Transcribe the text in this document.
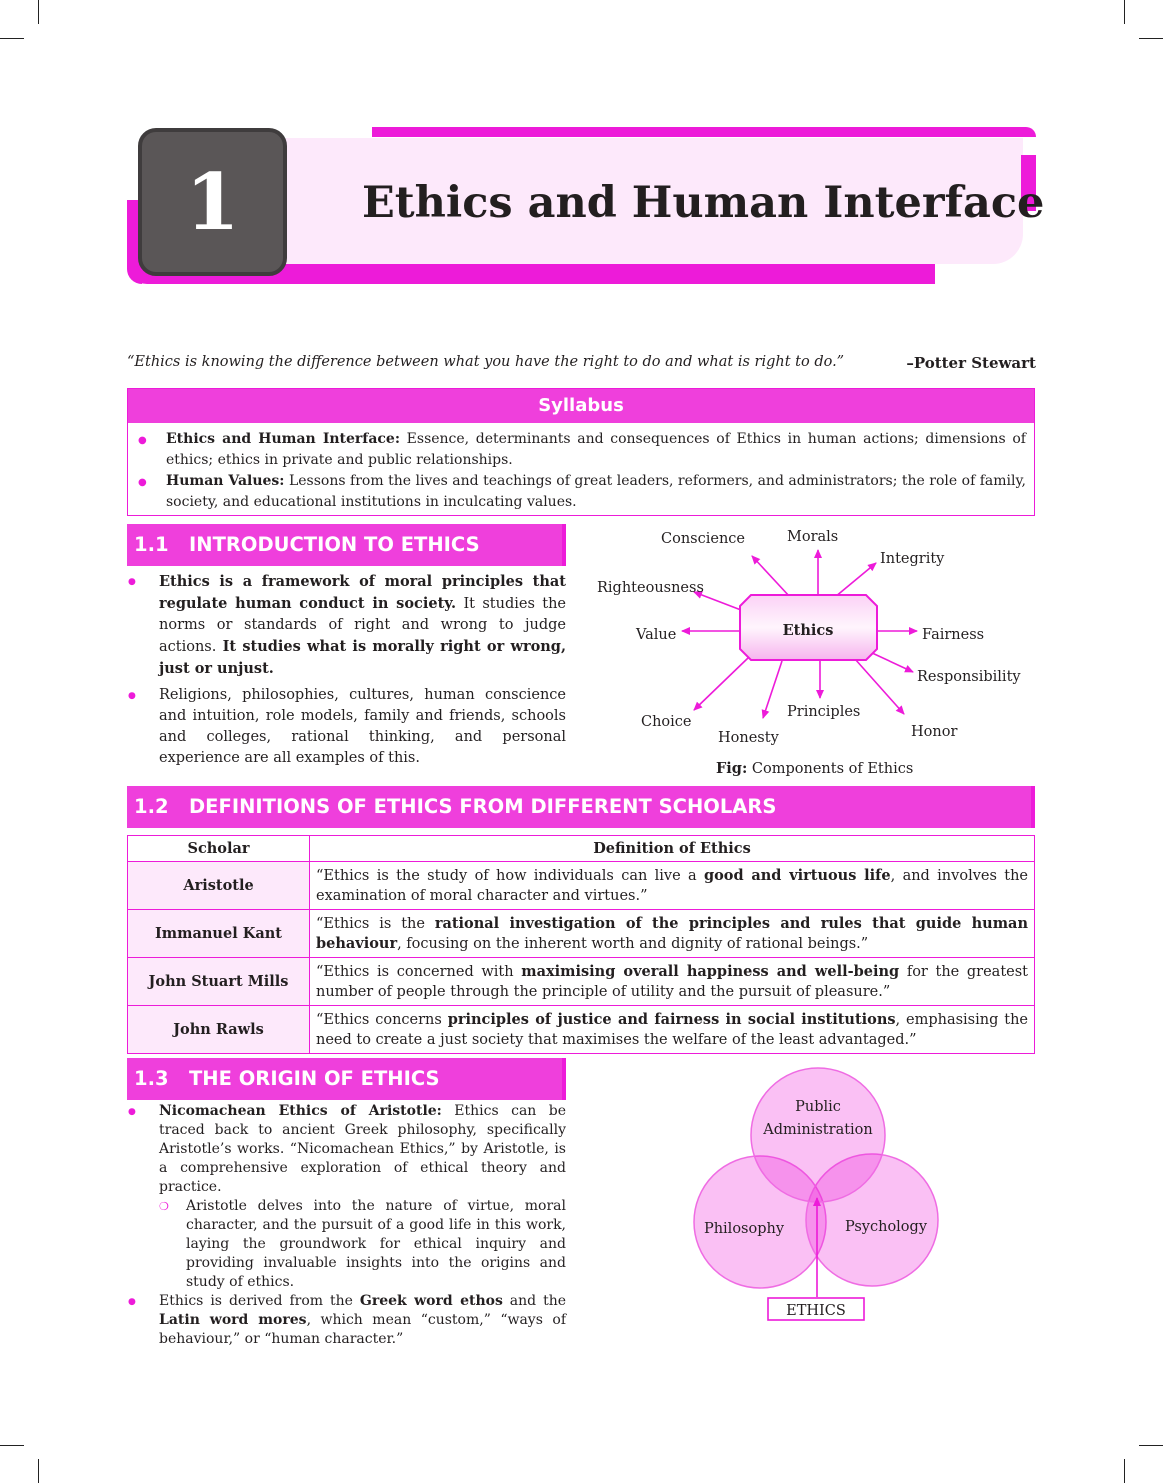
1	Ethics and Human Interface
“Ethics is knowing the difference between what you have the right to do and what is right to do.”	–Potter Stewart
Syllabus
● Ethics and Human Interface: Essence, determinants and consequences of Ethics in human actions; dimensions of ethics; ethics in private and public relationships.
● Human Values: Lessons from the lives and teachings of great leaders, reformers, and administrators; the role of family, society, and educational institutions in inculcating values.
1.1 INTRODUCTION TO ETHICS
● Ethics is a framework of moral principles that regulate human conduct in society. It studies the norms or standards of right and wrong to judge actions. It studies what is morally right or wrong, just or unjust.
● Religions, philosophies, cultures, human conscience and intuition, role models, family and friends, schools and colleges, rational thinking, and personal experience are all examples of this.
Ethics
Conscience	Morals
Integrity
Righteousness
Value	Fairness
Responsibility
Choice
Honesty
Principles
Honor
ETHICS
Public
Administration
Philosophy	Psychology
Fig: Components of Ethics
1.2 DEFINITIONS OF ETHICS FROM DIFFERENT SCHOLARS
Scholar	Definition of Ethics
Aristotle	“Ethics is the study of how individuals can live a good and virtuous life, and involves the examination of moral character and virtues.”
Immanuel Kant	“Ethics is the rational investigation of the principles and rules that guide human behaviour, focusing on the inherent worth and dignity of rational beings.”
John Stuart Mills	“Ethics is concerned with maximising overall happiness and well-being for the greatest number of people through the principle of utility and the pursuit of pleasure.”
John Rawls	“Ethics concerns principles of justice and fairness in social institutions, emphasising the need to create a just society that maximises the welfare of the least advantaged.”
1.3 THE ORIGIN OF ETHICS
● Nicomachean Ethics of Aristotle: Ethics can be traced back to ancient Greek philosophy, specifically Aristotle’s works. “Nicomachean Ethics,” by Aristotle, is a comprehensive exploration of ethical theory and practice.
❍ Aristotle delves into the nature of virtue, moral character, and the pursuit of a good life in this work, laying the groundwork for ethical inquiry and providing invaluable insights into the origins and study of ethics.
● Ethics is derived from the Greek word ethos and the Latin word mores, which mean “custom,” “ways of behaviour,” or “human character.”
